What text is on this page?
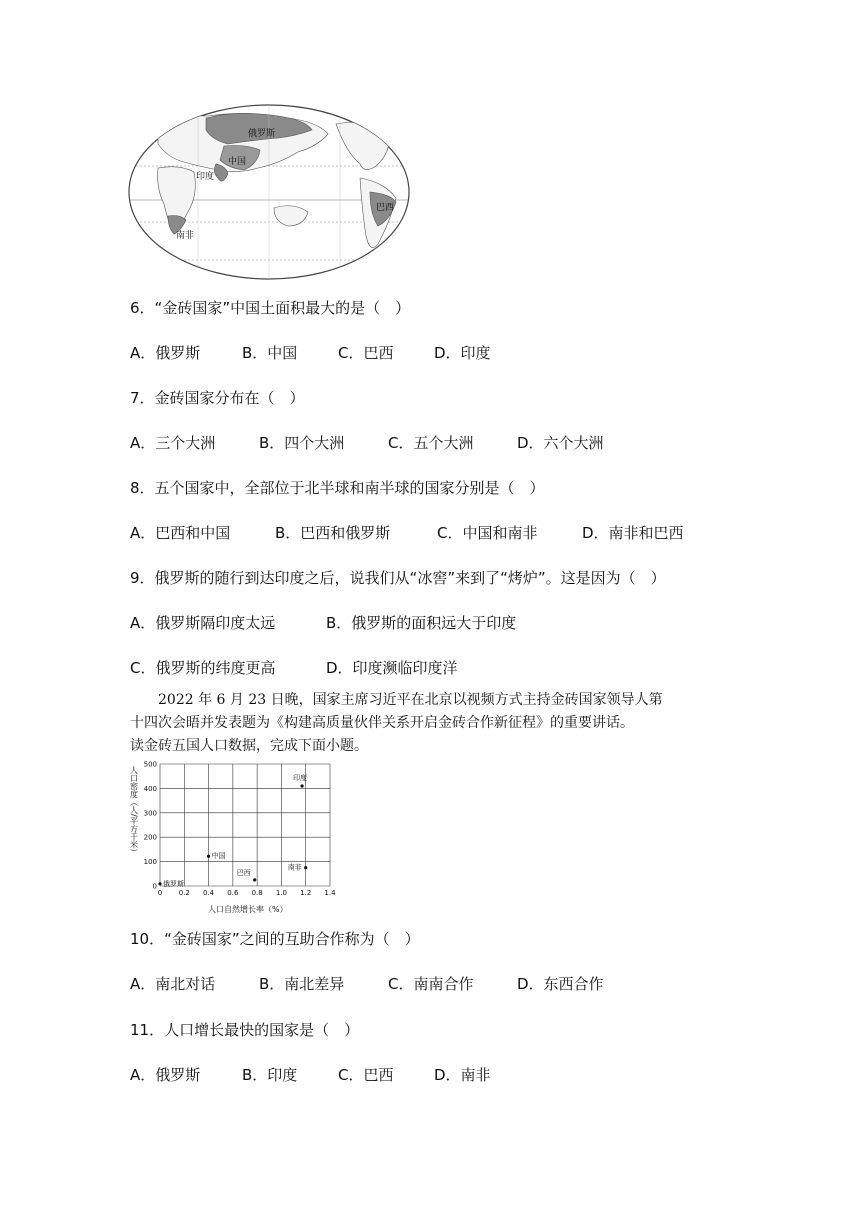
俄罗斯
中国
印度
巴西
南非
6．“金砖国家”中国土面积最大的是（　）
A．俄罗斯	B．中国	C．巴西	D．印度
7．金砖国家分布在（　）
A．三个大洲	B．四个大洲	C．五个大洲	D．六个大洲
8．五个国家中，全部位于北半球和南半球的国家分别是（　）
A．巴西和中国	B．巴西和俄罗斯	C．中国和南非	D．南非和巴西
9．俄罗斯的随行到达印度之后，说我们从“冰窖”来到了“烤炉”。这是因为（　）
A．俄罗斯隔印度太远	B．俄罗斯的面积远大于印度
C．俄罗斯的纬度更高	D．印度濒临印度洋

2022 年 6 月 23 日晚，国家主席习近平在北京以视频方式主持金砖国家领导人第

十四次会晤并发表题为《构建高质量伙伴关系开启金砖合作新征程》的重要讲话。

读金砖五国人口数据，完成下面小题。

0 0.2 0.4 0.6 0.8 1.0 1.2 1.4
0
100
200
300
400
500
俄罗斯
中国
巴西
南非
印度
人口密度（人/平方千米）
人口自然增长率（%）
10．“金砖国家”之间的互助合作称为（　）
A．南北对话	B．南北差异	C．南南合作	D．东西合作
11．人口增长最快的国家是（　）
A．俄罗斯	B．印度	C．巴西	D．南非
